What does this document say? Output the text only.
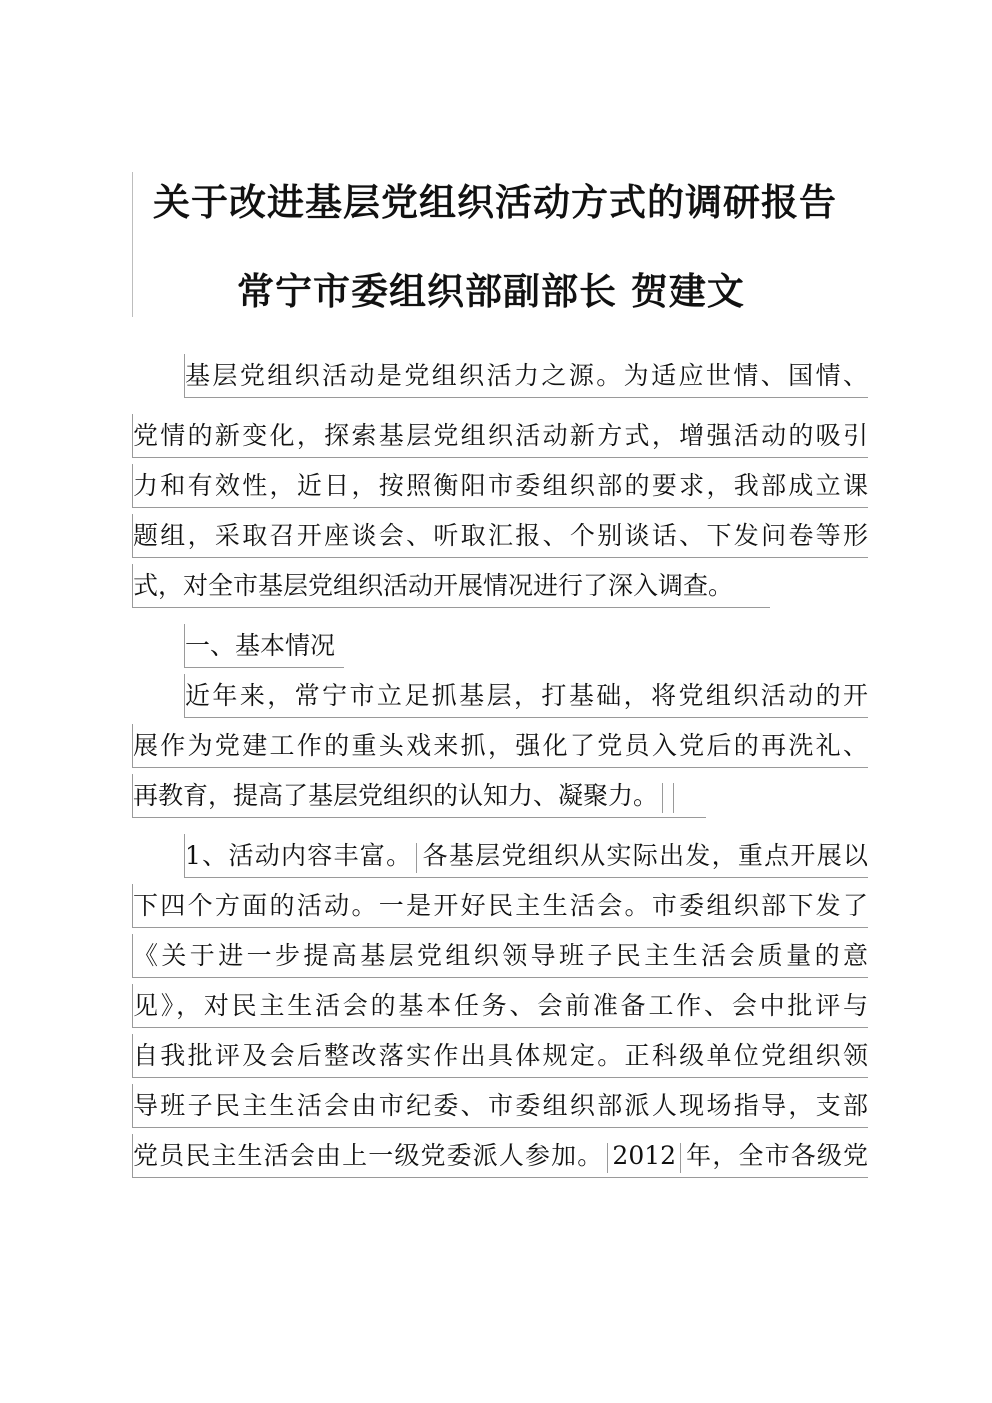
关于改进基层党组织活动方式的调研报告
常宁市委组织部副部长 贺建文
基层党组织活动是党组织活力之源。为适应世情、国情、
党情的新变化，探索基层党组织活动新方式，增强活动的吸引
力和有效性，近日，按照衡阳市委组织部的要求，我部成立课
题组，采取召开座谈会、听取汇报、个别谈话、下发问卷等形
式，对全市基层党组织活动开展情况进行了深入调查。
一、基本情况
近年来，常宁市立足抓基层，打基础，将党组织活动的开
展作为党建工作的重头戏来抓，强化了党员入党后的再洗礼、
再教育，提高了基层党组织的认知力、凝聚力。
1、活动内容丰富。 各基层党组织从实际出发，重点开展以
下四个方面的活动。一是开好民主生活会。市委组织部下发了
《关于进一步提高基层党组织领导班子民主生活会质量的意
见》，对民主生活会的基本任务、会前准备工作、会中批评与
自我批评及会后整改落实作出具体规定。正科级单位党组织领
导班子民主生活会由市纪委、市委组织部派人现场指导，支部
党员民主生活会由上一级党委派人参加。 2012 年，全市各级党
